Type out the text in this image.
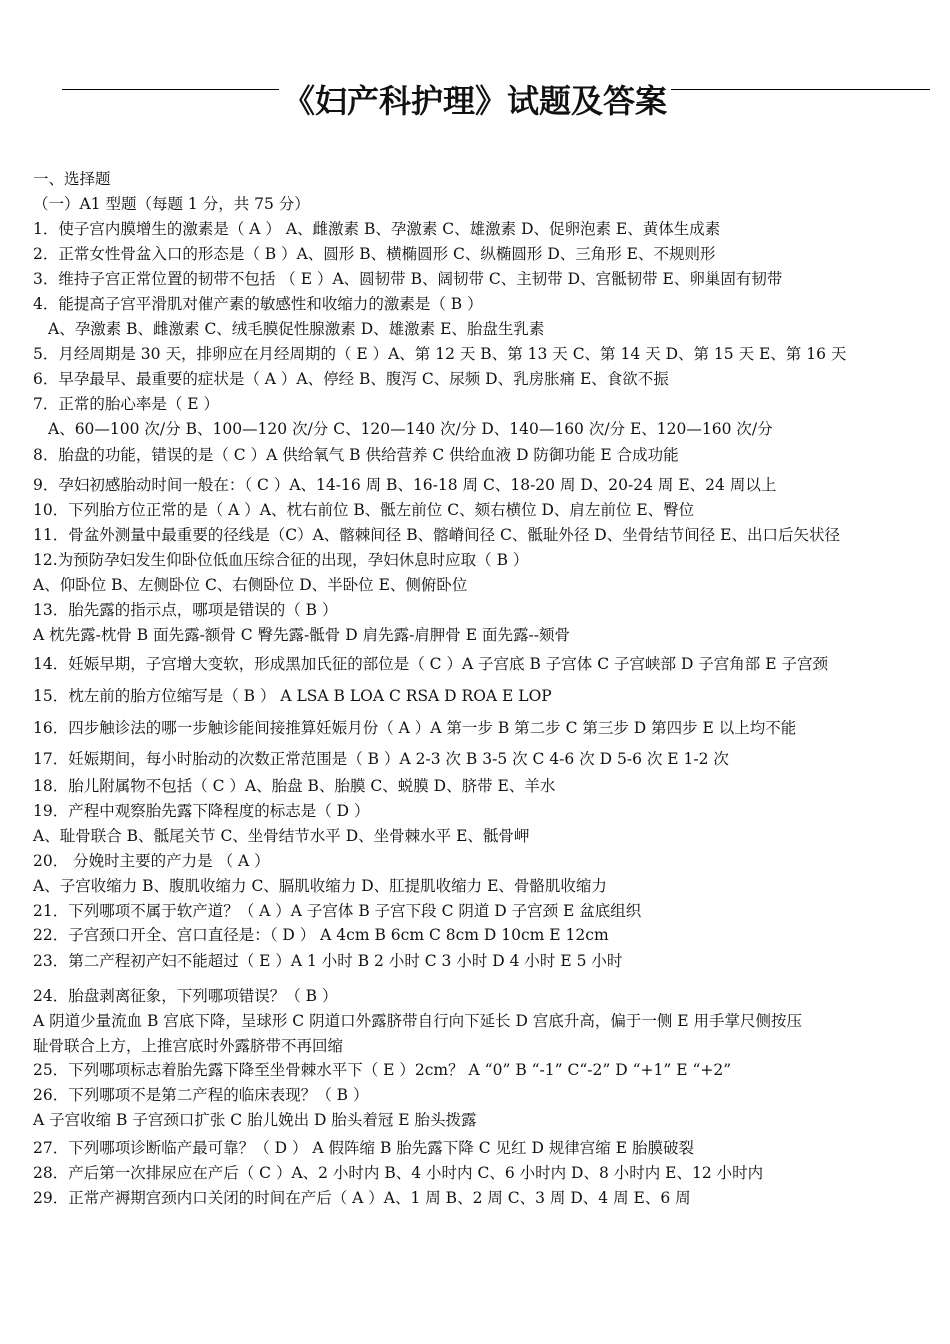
《妇产科护理》试题及答案
一、选择题
（一）A1 型题（每题 1 分，共 75 分）
1．使子宫内膜增生的激素是（ A ） A、雌激素 B、孕激素 C、雄激素 D、促卵泡素 E、黄体生成素
2．正常女性骨盆入口的形态是（ B ）A、圆形 B、横椭圆形 C、纵椭圆形 D、三角形 E、不规则形
3．维持子宫正常位置的韧带不包括 （ E ）A、圆韧带 B、阔韧带 C、主韧带 D、宫骶韧带 E、卵巢固有韧带
4．能提高子宫平滑肌对催产素的敏感性和收缩力的激素是（ B ）
A、孕激素 B、雌激素 C、绒毛膜促性腺激素 D、雄激素 E、胎盘生乳素
5．月经周期是 30 天，排卵应在月经周期的（ E ）A、第 12 天 B、第 13 天 C、第 14 天 D、第 15 天 E、第 16 天
6．早孕最早、最重要的症状是（ A ）A、停经 B、腹泻 C、尿频 D、乳房胀痛 E、食欲不振
7．正常的胎心率是（ E ）
A、60—100 次/分 B、100—120 次/分 C、120—140 次/分 D、140—160 次/分 E、120—160 次/分
8．胎盘的功能，错误的是（ C ）A 供给氧气 B 供给营养 C 供给血液 D 防御功能 E 合成功能
9．孕妇初感胎动时间一般在：（ C ）A、14-16 周 B、16-18 周 C、18-20 周 D、20-24 周 E、24 周以上
10．下列胎方位正常的是（ A ）A、枕右前位 B、骶左前位 C、颏右横位 D、肩左前位 E、臀位
11．骨盆外测量中最重要的径线是（C）A、髂棘间径 B、髂嵴间径 C、骶耻外径 D、坐骨结节间径 E、出口后矢状径
12.为预防孕妇发生仰卧位低血压综合征的出现，孕妇休息时应取（ B ）
A、仰卧位 B、左侧卧位 C、右侧卧位 D、半卧位 E、侧俯卧位
13．胎先露的指示点，哪项是错误的（ B ）
A 枕先露-枕骨 B 面先露-额骨 C 臀先露-骶骨 D 肩先露-肩胛骨 E 面先露--颏骨
14．妊娠早期，子宫增大变软，形成黑加氏征的部位是（ C ）A 子宫底 B 子宫体 C 子宫峡部 D 子宫角部 E 子宫颈
15．枕左前的胎方位缩写是（ B ） A LSA B LOA C RSA D ROA E LOP
16．四步触诊法的哪一步触诊能间接推算妊娠月份（ A ）A 第一步 B 第二步 C 第三步 D 第四步 E 以上均不能
17．妊娠期间，每小时胎动的次数正常范围是（ B ）A 2-3 次 B 3-5 次 C 4-6 次 D 5-6 次 E 1-2 次
18．胎儿附属物不包括（ C ）A、胎盘 B、胎膜 C、蜕膜 D、脐带 E、羊水
19．产程中观察胎先露下降程度的标志是（ D ）
A、耻骨联合 B、骶尾关节 C、坐骨结节水平 D、坐骨棘水平 E、骶骨岬
20． 分娩时主要的产力是 （ A ）
A、子宫收缩力 B、腹肌收缩力 C、膈肌收缩力 D、肛提肌收缩力 E、骨骼肌收缩力
21．下列哪项不属于软产道？（ A ）A 子宫体 B 子宫下段 C 阴道 D 子宫颈 E 盆底组织
22．子宫颈口开全、宫口直径是：（ D ） A 4cm B 6cm C 8cm D 10cm E 12cm
23．第二产程初产妇不能超过（ E ）A 1 小时 B 2 小时 C 3 小时 D 4 小时 E 5 小时
24．胎盘剥离征象，下列哪项错误？（ B ）
A 阴道少量流血 B 宫底下降，呈球形 C 阴道口外露脐带自行向下延长 D 宫底升高，偏于一侧 E 用手掌尺侧按压
耻骨联合上方，上推宫底时外露脐带不再回缩
25．下列哪项标志着胎先露下降至坐骨棘水平下（ E ）2cm？ A “0” B “-1” C“-2” D “+1” E “+2”
26．下列哪项不是第二产程的临床表现？（ B ）
A 子宫收缩 B 子宫颈口扩张 C 胎儿娩出 D 胎头着冠 E 胎头拨露
27．下列哪项诊断临产最可靠？（ D ） A 假阵缩 B 胎先露下降 C 见红 D 规律宫缩 E 胎膜破裂
28．产后第一次排尿应在产后（ C ）A、2 小时内 B、4 小时内 C、6 小时内 D、8 小时内 E、12 小时内
29．正常产褥期宫颈内口关闭的时间在产后（ A ）A、1 周 B、2 周 C、3 周 D、4 周 E、6 周
